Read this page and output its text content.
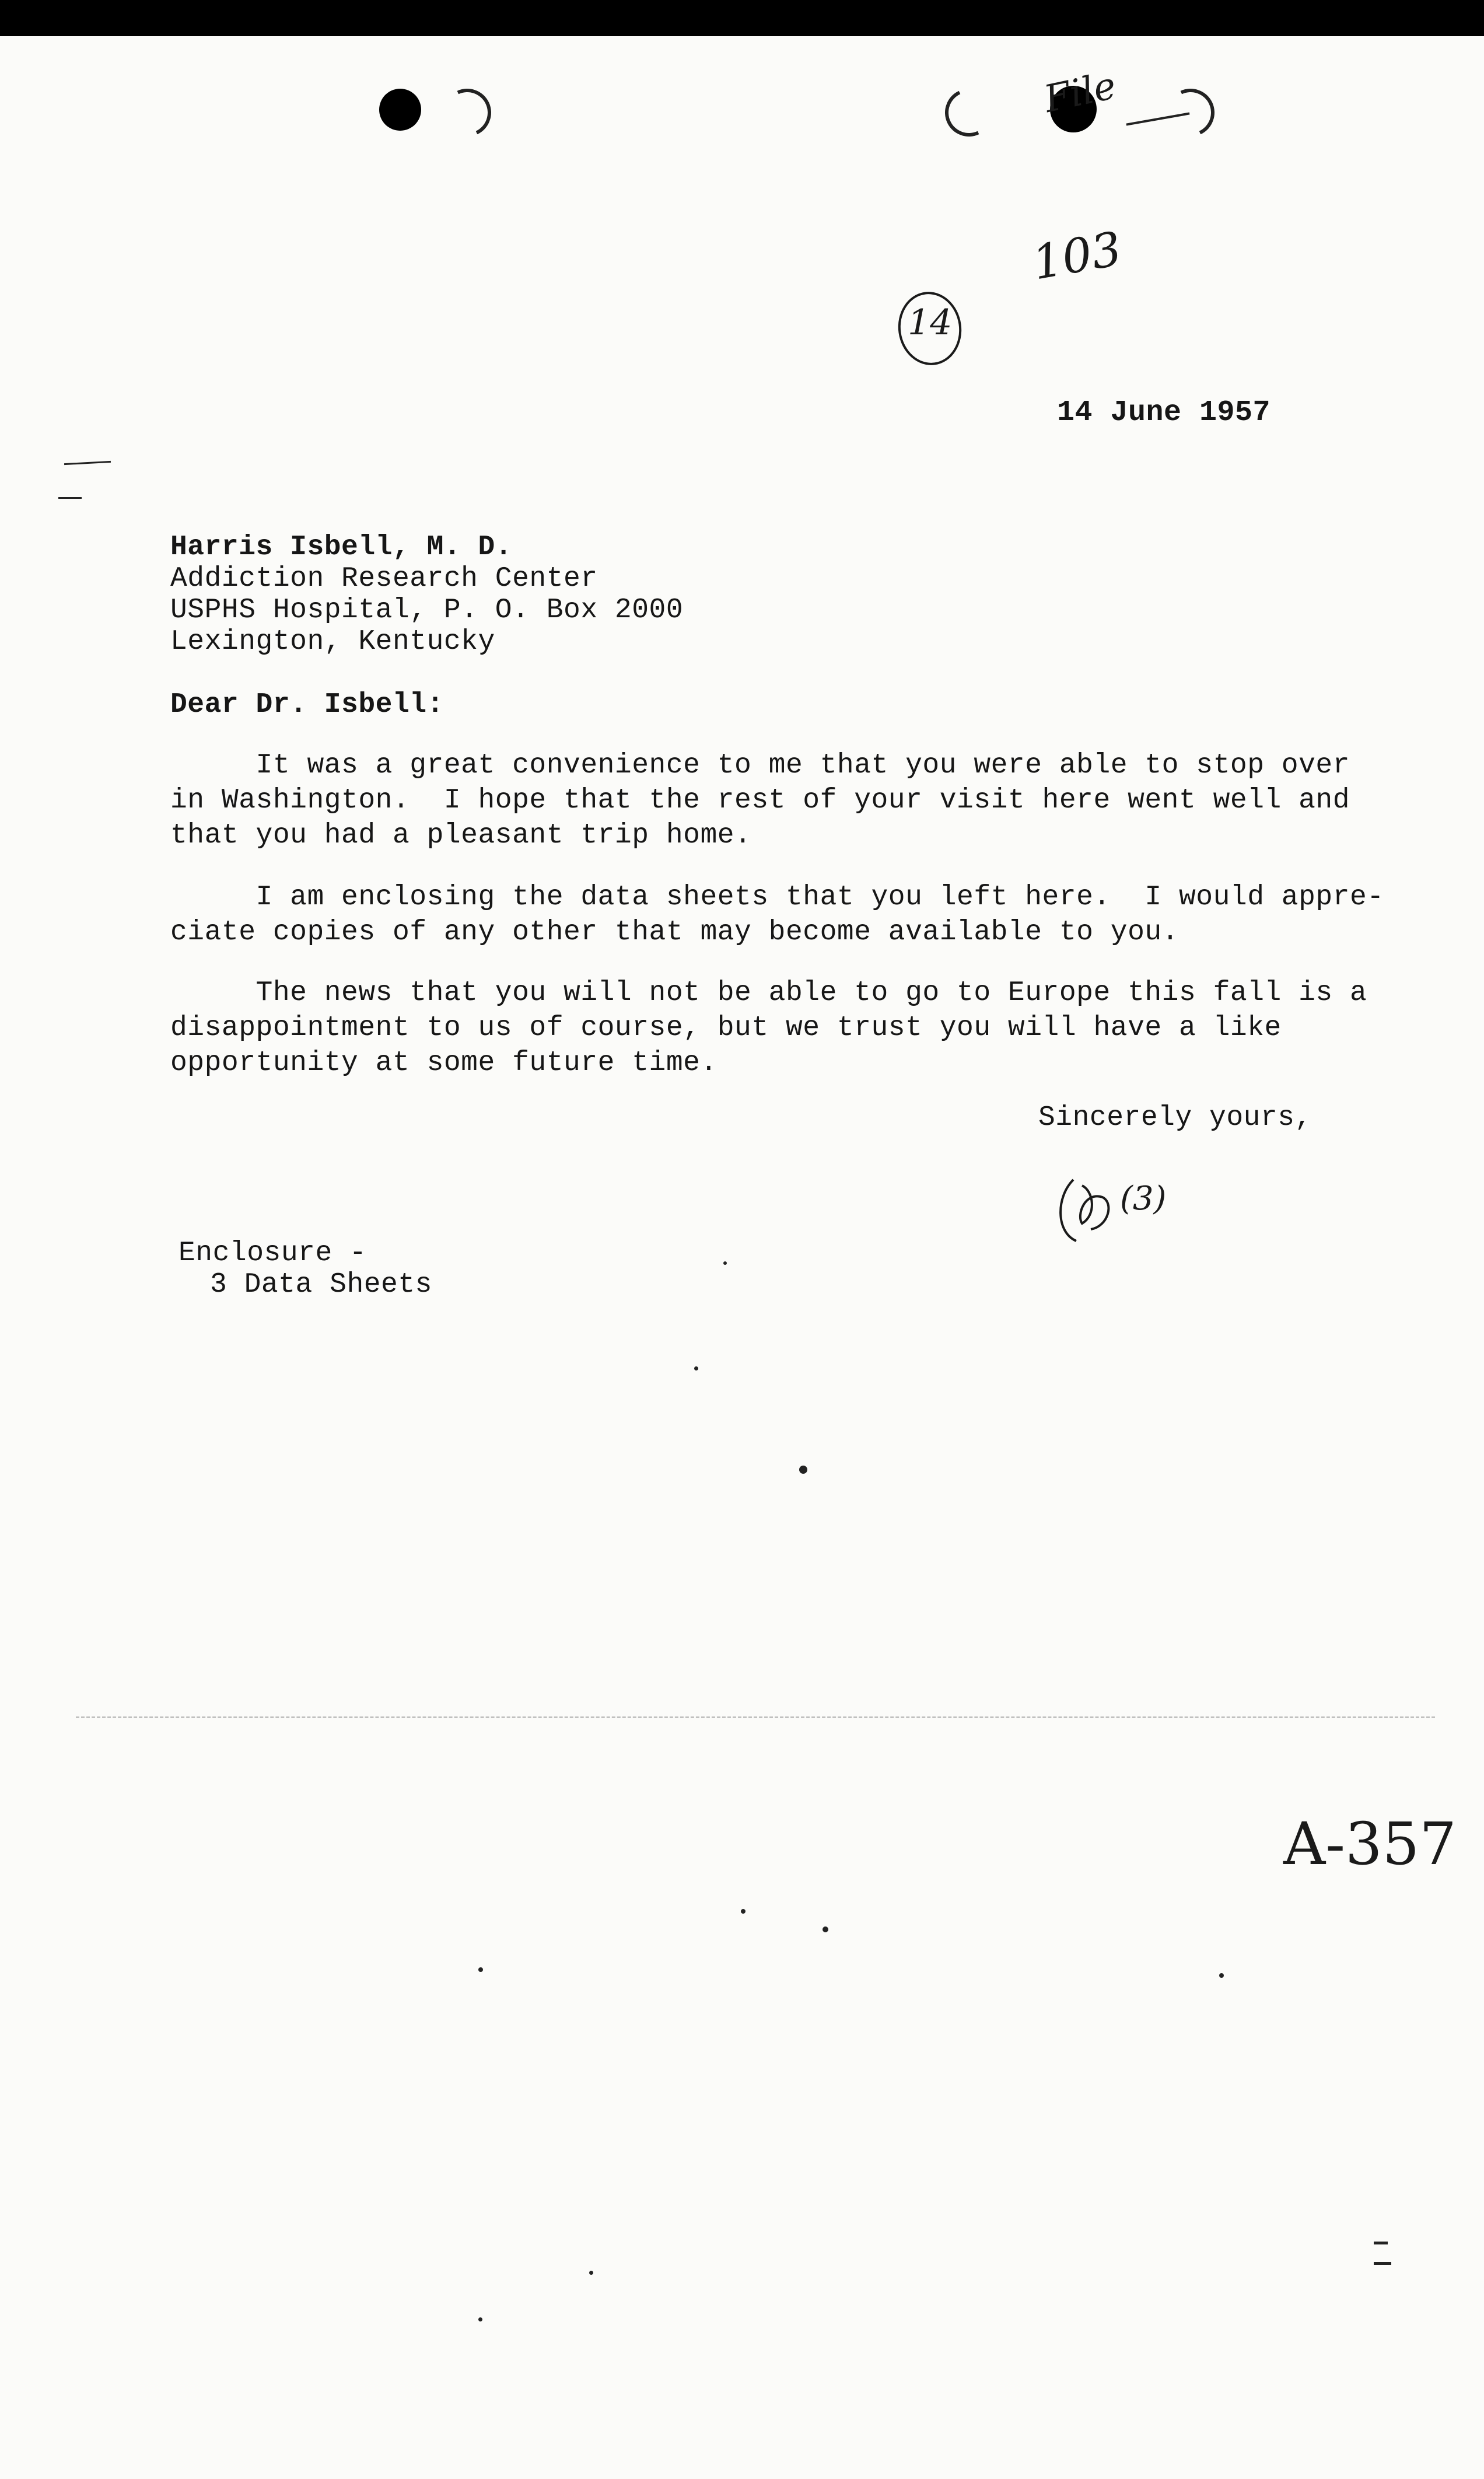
File
14
103
14 June 1957
Harris Isbell, M. D.
Addiction Research Center
USPHS Hospital, P. O. Box 2000
Lexington, Kentucky
Dear Dr. Isbell:
It was a great convenience to me that you were able to stop over
in Washington.  I hope that the rest of your visit here went well and
that you had a pleasant trip home.
I am enclosing the data sheets that you left here.  I would appre-
ciate copies of any other that may become available to you.
The news that you will not be able to go to Europe this fall is a
disappointment to us of course, but we trust you will have a like
opportunity at some future time.
Sincerely yours,
(3)
Enclosure -
3 Data Sheets
A-357
